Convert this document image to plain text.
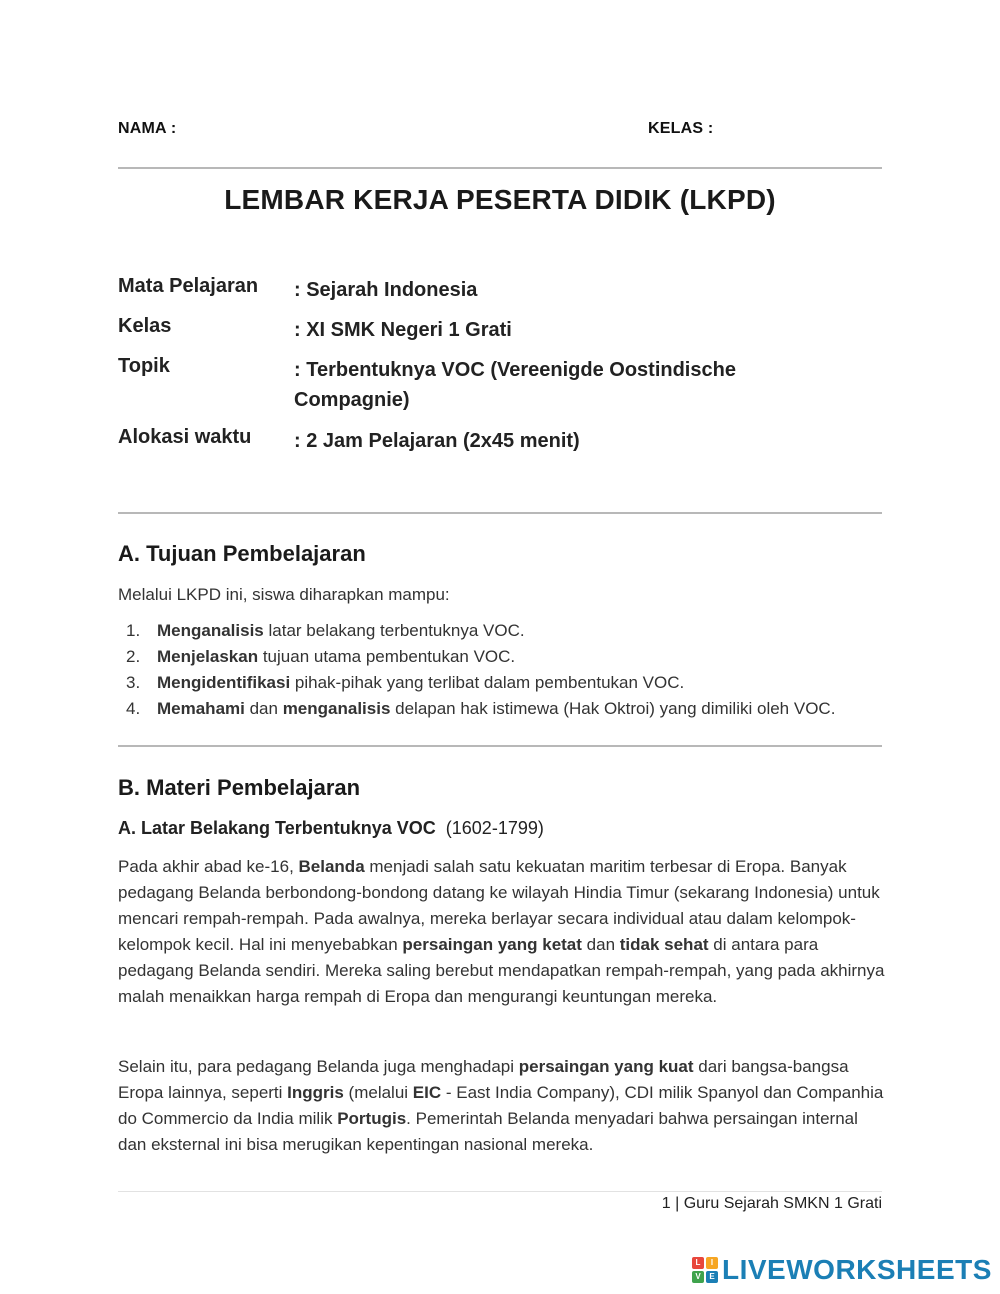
NAMA :	KELAS :
LEMBAR KERJA PESERTA DIDIK (LKPD)
Mata Pelajaran : Sejarah Indonesia
Kelas	: XI SMK Negeri 1 Grati
Topik	: Terbentuknya VOC (Vereenigde Oostindische Compagnie)
Alokasi waktu : 2 Jam Pelajaran (2x45 menit)
A. Tujuan Pembelajaran
Melalui LKPD ini, siswa diharapkan mampu:
1. Menganalisis latar belakang terbentuknya VOC.
2. Menjelaskan tujuan utama pembentukan VOC.
3. Mengidentifikasi pihak-pihak yang terlibat dalam pembentukan VOC.
4. Memahami dan menganalisis delapan hak istimewa (Hak Oktroi) yang dimiliki oleh VOC.
B. Materi Pembelajaran
A. Latar Belakang Terbentuknya VOC (1602-1799)
Pada akhir abad ke-16, Belanda menjadi salah satu kekuatan maritim terbesar di Eropa. Banyak pedagang Belanda berbondong-bondong datang ke wilayah Hindia Timur (sekarang Indonesia) untuk mencari rempah-rempah. Pada awalnya, mereka berlayar secara individual atau dalam kelompok-kelompok kecil. Hal ini menyebabkan persaingan yang ketat dan tidak sehat di antara para pedagang Belanda sendiri. Mereka saling berebut mendapatkan rempah-rempah, yang pada akhirnya malah menaikkan harga rempah di Eropa dan mengurangi keuntungan mereka.
Selain itu, para pedagang Belanda juga menghadapi persaingan yang kuat dari bangsa-bangsa Eropa lainnya, seperti Inggris (melalui EIC - East India Company), CDI milik Spanyol dan Companhia do Commercio da India milik Portugis. Pemerintah Belanda menyadari bahwa persaingan internal dan eksternal ini bisa merugikan kepentingan nasional mereka.
1 | Guru Sejarah SMKN 1 Grati
L	I
V	E LIVEWORKSHEETS
